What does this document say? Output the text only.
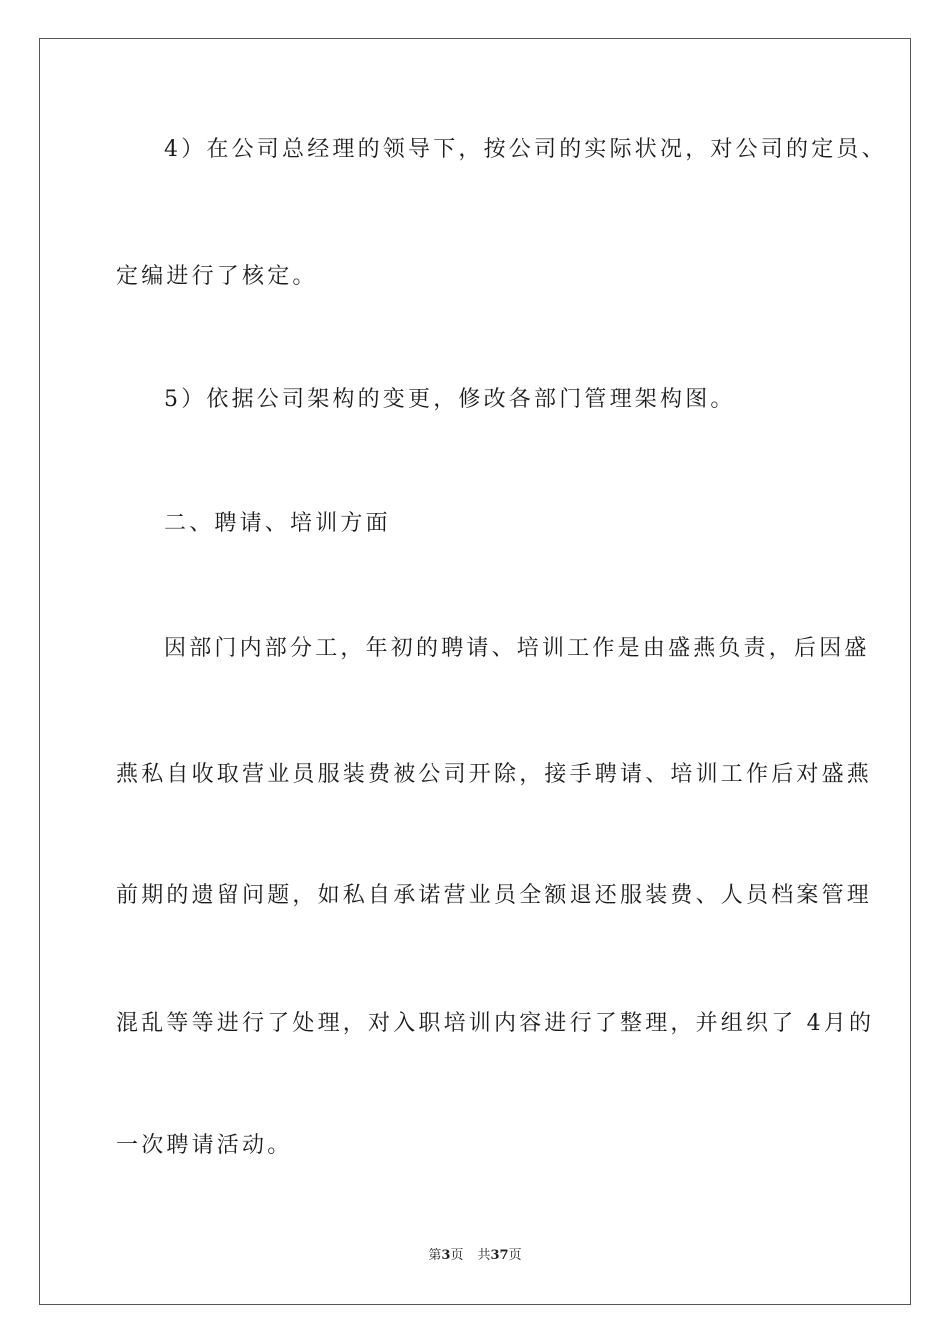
4）在公司总经理的领导下，按公司的实际状况，对公司的定员、
定编进行了核定。
5）依据公司架构的变更，修改各部门管理架构图。
二、聘请、培训方面
因部门内部分工，年初的聘请、培训工作是由盛燕负责，后因盛
燕私自收取营业员服装费被公司开除，接手聘请、培训工作后对盛燕
前期的遗留问题，如私自承诺营业员全额退还服装费、人员档案管理
混乱等等进行了处理，对入职培训内容进行了整理，并组织了 4月的
一次聘请活动。
第3页 共37页
